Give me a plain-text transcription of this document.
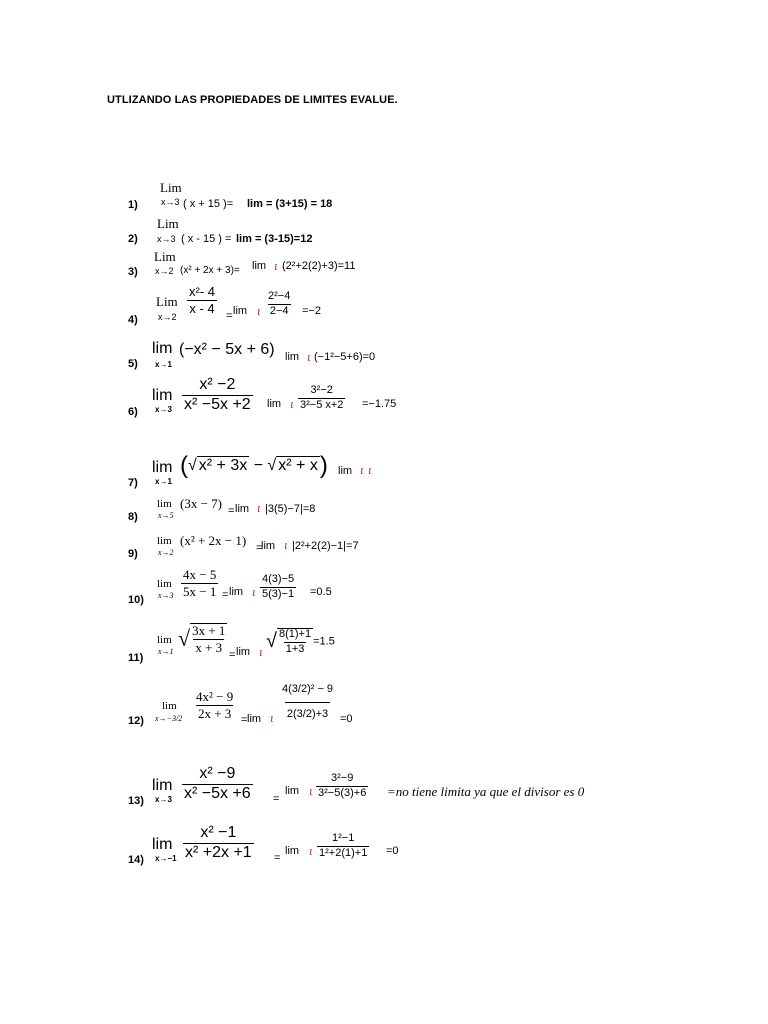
UTLIZANDO LAS PROPIEDADES DE LIMITES EVALUE.
1)
Lim
x→3 ( x + 15 )= lim = (3+15) = 18
2)
Lim
x→3 ( x - 15 ) = lim = (3-15)=12
3)
Lim
x→2 (x² + 2x + 3)= lim ι (2²+2(2)+3)=11
4)
Lim
x→2
$\frac{\text{x²- 4}}{x - 4}$
= lim ι $\frac{\text{2²−4}}{2-4} =-2$
5)
lim
x→1
(−x² − 5x + 6) lim ι (−1²−5+6)=0
6)
lim
$x\to 3 \frac{\text{x² −2}}{\text{x² −5x +2}}$ lim ι $\frac{\text{3²−2}}{\text{3²−5 x+2}} =-1.75$
7)
lim
x→1
(√ x² + 3x − √ x² + x) lim ι ι
8)
lim
x→5
(3x − 7) = lim ι |3(5)−7|=8
9)
lim
x→2
(x² + 2x − 1) =
lim ι |2²+2(2)−1|=7
10)
lim
$x\to 3 \frac{4x - 5}{5x - 1} = \lim \iota \frac{4(3)-5}{5(3)-1} =0.5$
11)
lim
x→1
√ $\frac{3x + 1}{x + 3}$
= lim ι √ $\frac{8(1)+1}{1+3} =1.5$
12)
lim
$x\to-3/2 \frac{\text{4x² − 9}}{2x + 3} = \lim \iota \frac{\text{4(3/2)² − 9}}{2(3/2)+3} =0$
13)
lim
$x\to 3 \frac{\text{x² −9}}{\text{x² −5x +6}}$ =
lim ι $\frac{\text{3²−9}}{\text{3²−5(3)+6}} =no$ tiene limita ya que el divisor es 0
14)
lim
$x\to-1 \frac{\text{x² −1}}{\text{x² +2x +1}}$ =
lim ι $\frac{\text{1²−1}}{\text{1²+2(1)+1}} =0$
